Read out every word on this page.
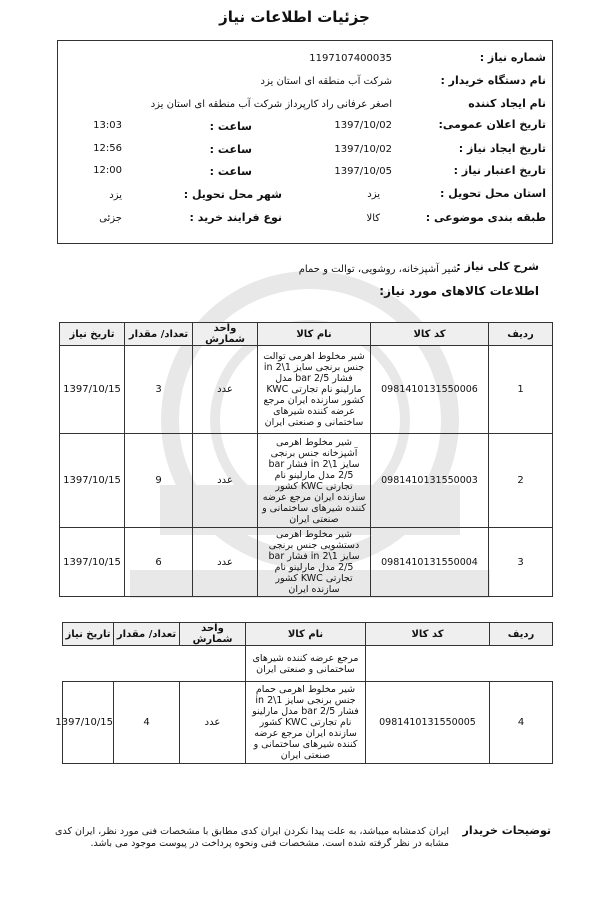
جزئیات اطلاعات نیاز
شماره نیاز :
1197107400035
نام دستگاه خریدار :
شرکت آب منطقه ای استان یزد
نام ایجاد کننده
اصغر عرفانی راد کارپرداز شرکت آب منطقه ای استان یزد
تاریخ اعلان عمومی:
1397/10/02
ساعت :
13:03
تاریخ ایجاد نیاز :
1397/10/02
ساعت :
12:56
تاریخ اعتبار نیاز :
1397/10/05
ساعت :
12:00
استان محل تحویل :
یزد
شهر محل تحویل :
یزد
طبقه بندی موضوعی :
کالا
نوع فرایند خرید :
جزئی
شرح کلی نیاز :
شیر آشپزخانه، روشویی، توالت و حمام
اطلاعات کالاهای مورد نیاز:
ردیف	کد کالا	نام کالا	واحد شمارش	تعداد/ مقدار	تاریخ نیاز
1	0981410131550006	شیر مخلوط اهرمی توالت جنس برنجی سایز in 2\1 فشار bar 2/5 مدل مارلینو نام تجارتی KWC کشور سازنده ایران مرجع عرضه کننده شیرهای ساختمانی و صنعتی ایران	عدد	3	1397/10/15
2	0981410131550003	شیر مخلوط اهرمی آشپزخانه جنس برنجی سایز in 2\1 فشار bar 2/5 مدل مارلینو نام تجارتی KWC کشور سازنده ایران مرجع عرضه کننده شیرهای ساختمانی و صنعتی ایران	عدد	9	1397/10/15
3	0981410131550004	شیر مخلوط اهرمی دستشویی جنس برنجی سایز in 2\1 فشار bar 2/5 مدل مارلینو نام تجارتی KWC کشور سازنده ایران	عدد	6	1397/10/15
ردیف	کد کالا	نام کالا	واحد شمارش	تعداد/ مقدار	تاریخ نیاز
		مرجع عرضه کننده شیرهای ساختمانی و صنعتی ایران			
4	0981410131550005	شیر مخلوط اهرمی حمام جنس برنجی سایز in 2\1 فشار bar 2/5 مدل مارلینو نام تجارتی KWC کشور سازنده ایران مرجع عرضه کننده شیرهای ساختمانی و صنعتی ایران	عدد	4	1397/10/15
توضیحات خریدار
ایران کدمشابه میباشد، به علت پیدا نکردن ایران کدی مطابق با مشخصات فنی مورد نظر، ایران کدی مشابه در نظر گرفته شده است. مشخصات فنی ونحوه پرداخت در پیوست موجود می باشد.
